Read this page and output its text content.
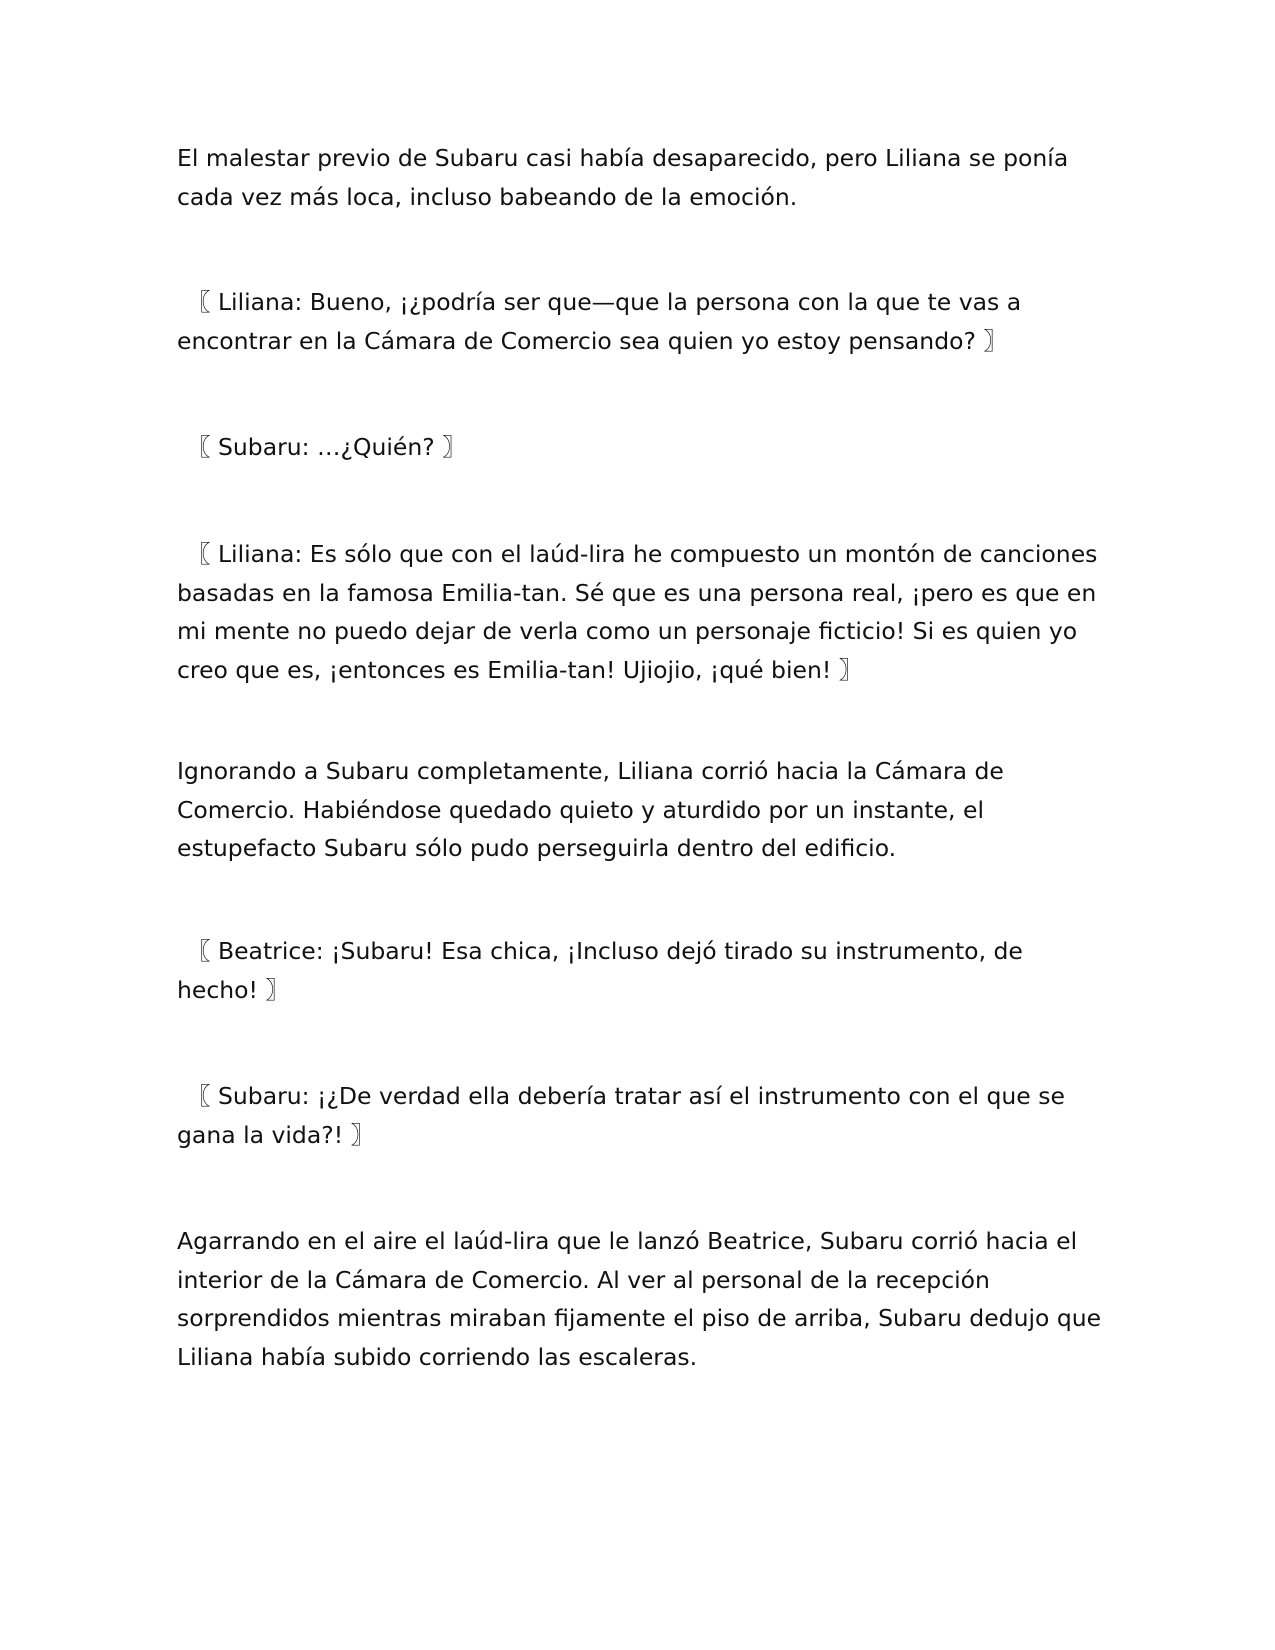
El malestar previo de Subaru casi había desaparecido, pero Liliana se ponía cada vez más loca, incluso babeando de la emoción.

〖 Liliana: Bueno, ¡¿podría ser que—que la persona con la que te vas a encontrar en la Cámara de Comercio sea quien yo estoy pensando? 〗

〖 Subaru: …¿Quién? 〗

〖 Liliana: Es sólo que con el laúd-lira he compuesto un montón de canciones basadas en la famosa Emilia-tan. Sé que es una persona real, ¡pero es que en mi mente no puedo dejar de verla como un personaje ficticio! Si es quien yo creo que es, ¡entonces es Emilia-tan! Ujiojio, ¡qué bien! 〗

Ignorando a Subaru completamente, Liliana corrió hacia la Cámara de Comercio. Habiéndose quedado quieto y aturdido por un instante, el estupefacto Subaru sólo pudo perseguirla dentro del edificio.

〖 Beatrice: ¡Subaru! Esa chica, ¡Incluso dejó tirado su instrumento, de hecho! 〗

〖 Subaru: ¡¿De verdad ella debería tratar así el instrumento con el que se gana la vida?! 〗

Agarrando en el aire el laúd-lira que le lanzó Beatrice, Subaru corrió hacia el interior de la Cámara de Comercio. Al ver al personal de la recepción sorprendidos mientras miraban fijamente el piso de arriba, Subaru dedujo que Liliana había subido corriendo las escaleras.
